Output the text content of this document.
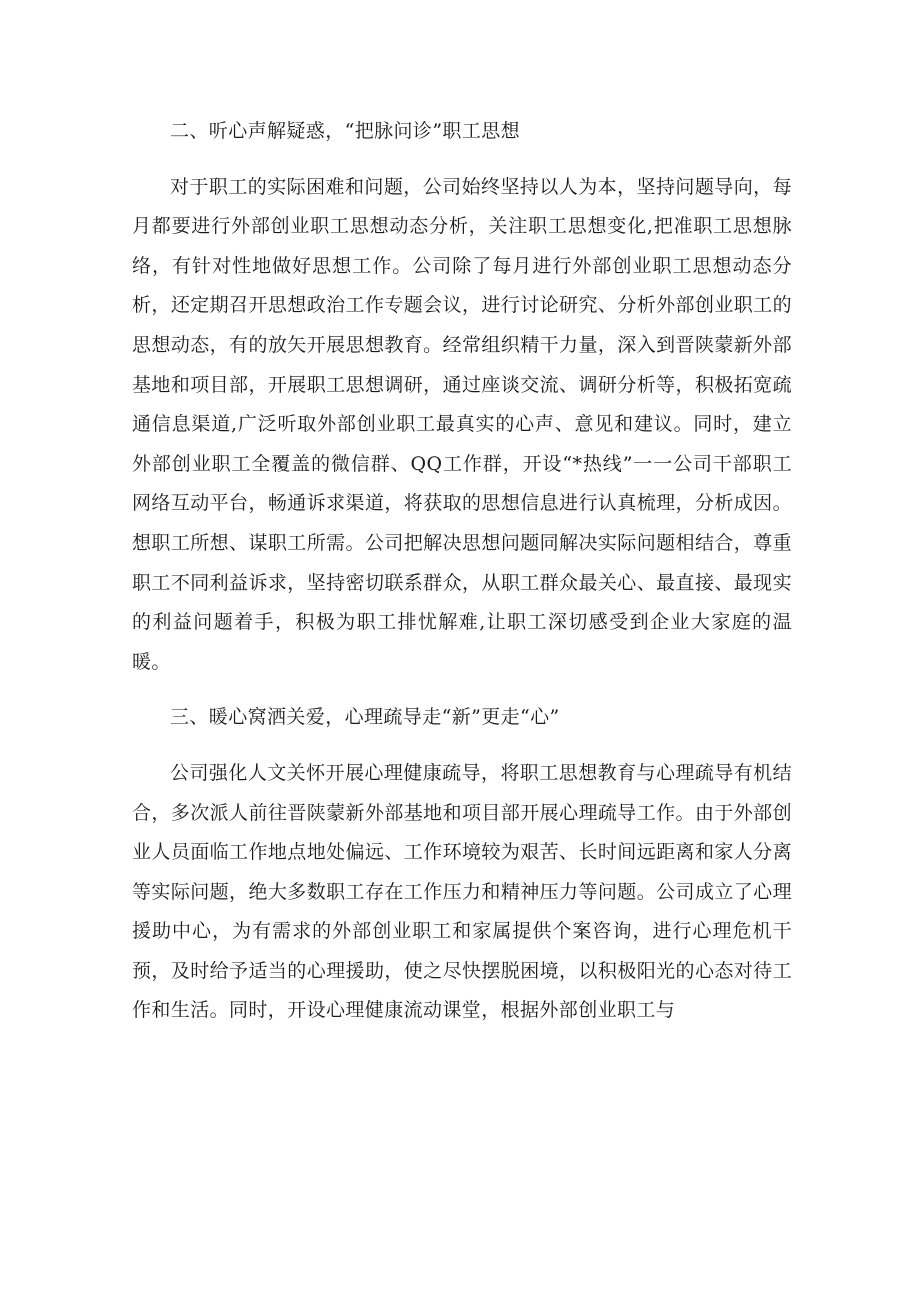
二、听心声解疑惑，“把脉问诊”职工思想

对于职工的实际困难和问题，公司始终坚持以人为本，坚持问题导向，每月都要进行外部创业职工思想动态分析，关注职工思想变化,把准职工思想脉络，有针对性地做好思想工作。公司除了每月进行外部创业职工思想动态分析，还定期召开思想政治工作专题会议，进行讨论研究、分析外部创业职工的思想动态，有的放矢开展思想教育。经常组织精干力量，深入到晋陕蒙新外部基地和项目部，开展职工思想调研，通过座谈交流、调研分析等，积极拓宽疏通信息渠道,广泛听取外部创业职工最真实的心声、意见和建议。同时，建立外部创业职工全覆盖的微信群、QQ工作群，开设“*热线”一一公司干部职工网络互动平台，畅通诉求渠道，将获取的思想信息进行认真梳理，分析成因。想职工所想、谋职工所需。公司把解决思想问题同解决实际问题相结合，尊重职工不同利益诉求，坚持密切联系群众，从职工群众最关心、最直接、最现实的利益问题着手，积极为职工排忧解难,让职工深切感受到企业大家庭的温暖。

三、暖心窝洒关爱，心理疏导走“新”更走“心”

公司强化人文关怀开展心理健康疏导，将职工思想教育与心理疏导有机结合，多次派人前往晋陕蒙新外部基地和项目部开展心理疏导工作。由于外部创业人员面临工作地点地处偏远、工作环境较为艰苦、长时间远距离和家人分离等实际问题，绝大多数职工存在工作压力和精神压力等问题。公司成立了心理援助中心，为有需求的外部创业职工和家属提供个案咨询，进行心理危机干预，及时给予适当的心理援助，使之尽快摆脱困境，以积极阳光的心态对待工作和生活。同时，开设心理健康流动课堂，根据外部创业职工与
